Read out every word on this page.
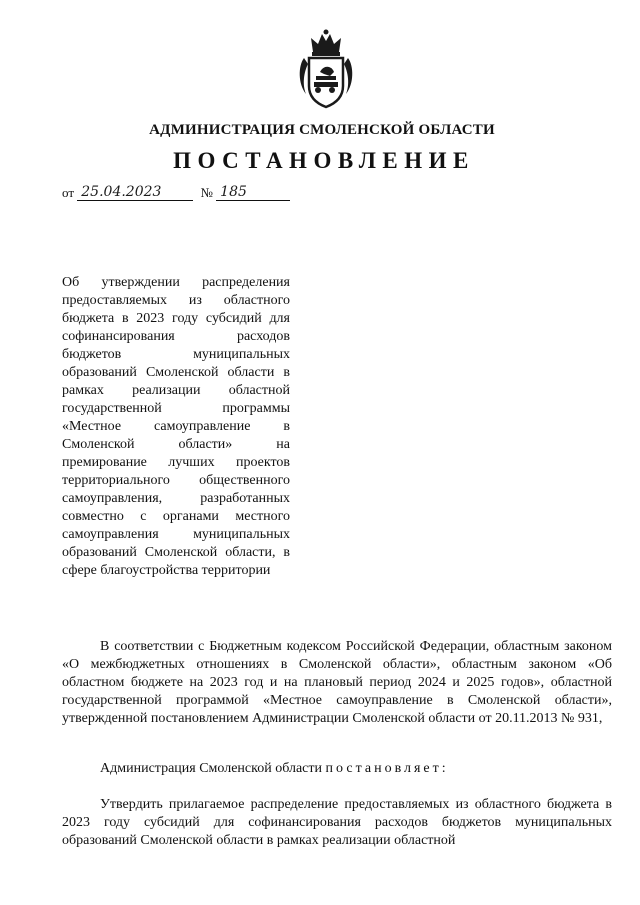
АДМИНИСТРАЦИЯ СМОЛЕНСКОЙ ОБЛАСТИ
ПОСТАНОВЛЕНИЕ
от 25.04.2023	№ 185
Об утверждении распределения предоставляемых из областного бюджета в 2023 году субсидий для софинансирования расходов бюджетов муниципальных образований Смоленской области в рамках реализации областной государственной программы «Местное самоуправление в Смоленской области» на премирование лучших проектов территориального общественного самоуправления, разработанных совместно с органами местного самоуправления муниципальных образований Смоленской области, в сфере благоустройства территории

В соответствии с Бюджетным кодексом Российской Федерации, областным законом «О межбюджетных отношениях в Смоленской области», областным законом «Об областном бюджете на 2023 год и на плановый период 2024 и 2025 годов», областной государственной программой «Местное самоуправление в Смоленской области», утвержденной постановлением Администрации Смоленской области от 20.11.2013 № 931,

Администрация Смоленской области постановляет:

Утвердить прилагаемое распределение предоставляемых из областного бюджета в 2023 году субсидий для софинансирования расходов бюджетов муниципальных образований Смоленской области в рамках реализации областной
